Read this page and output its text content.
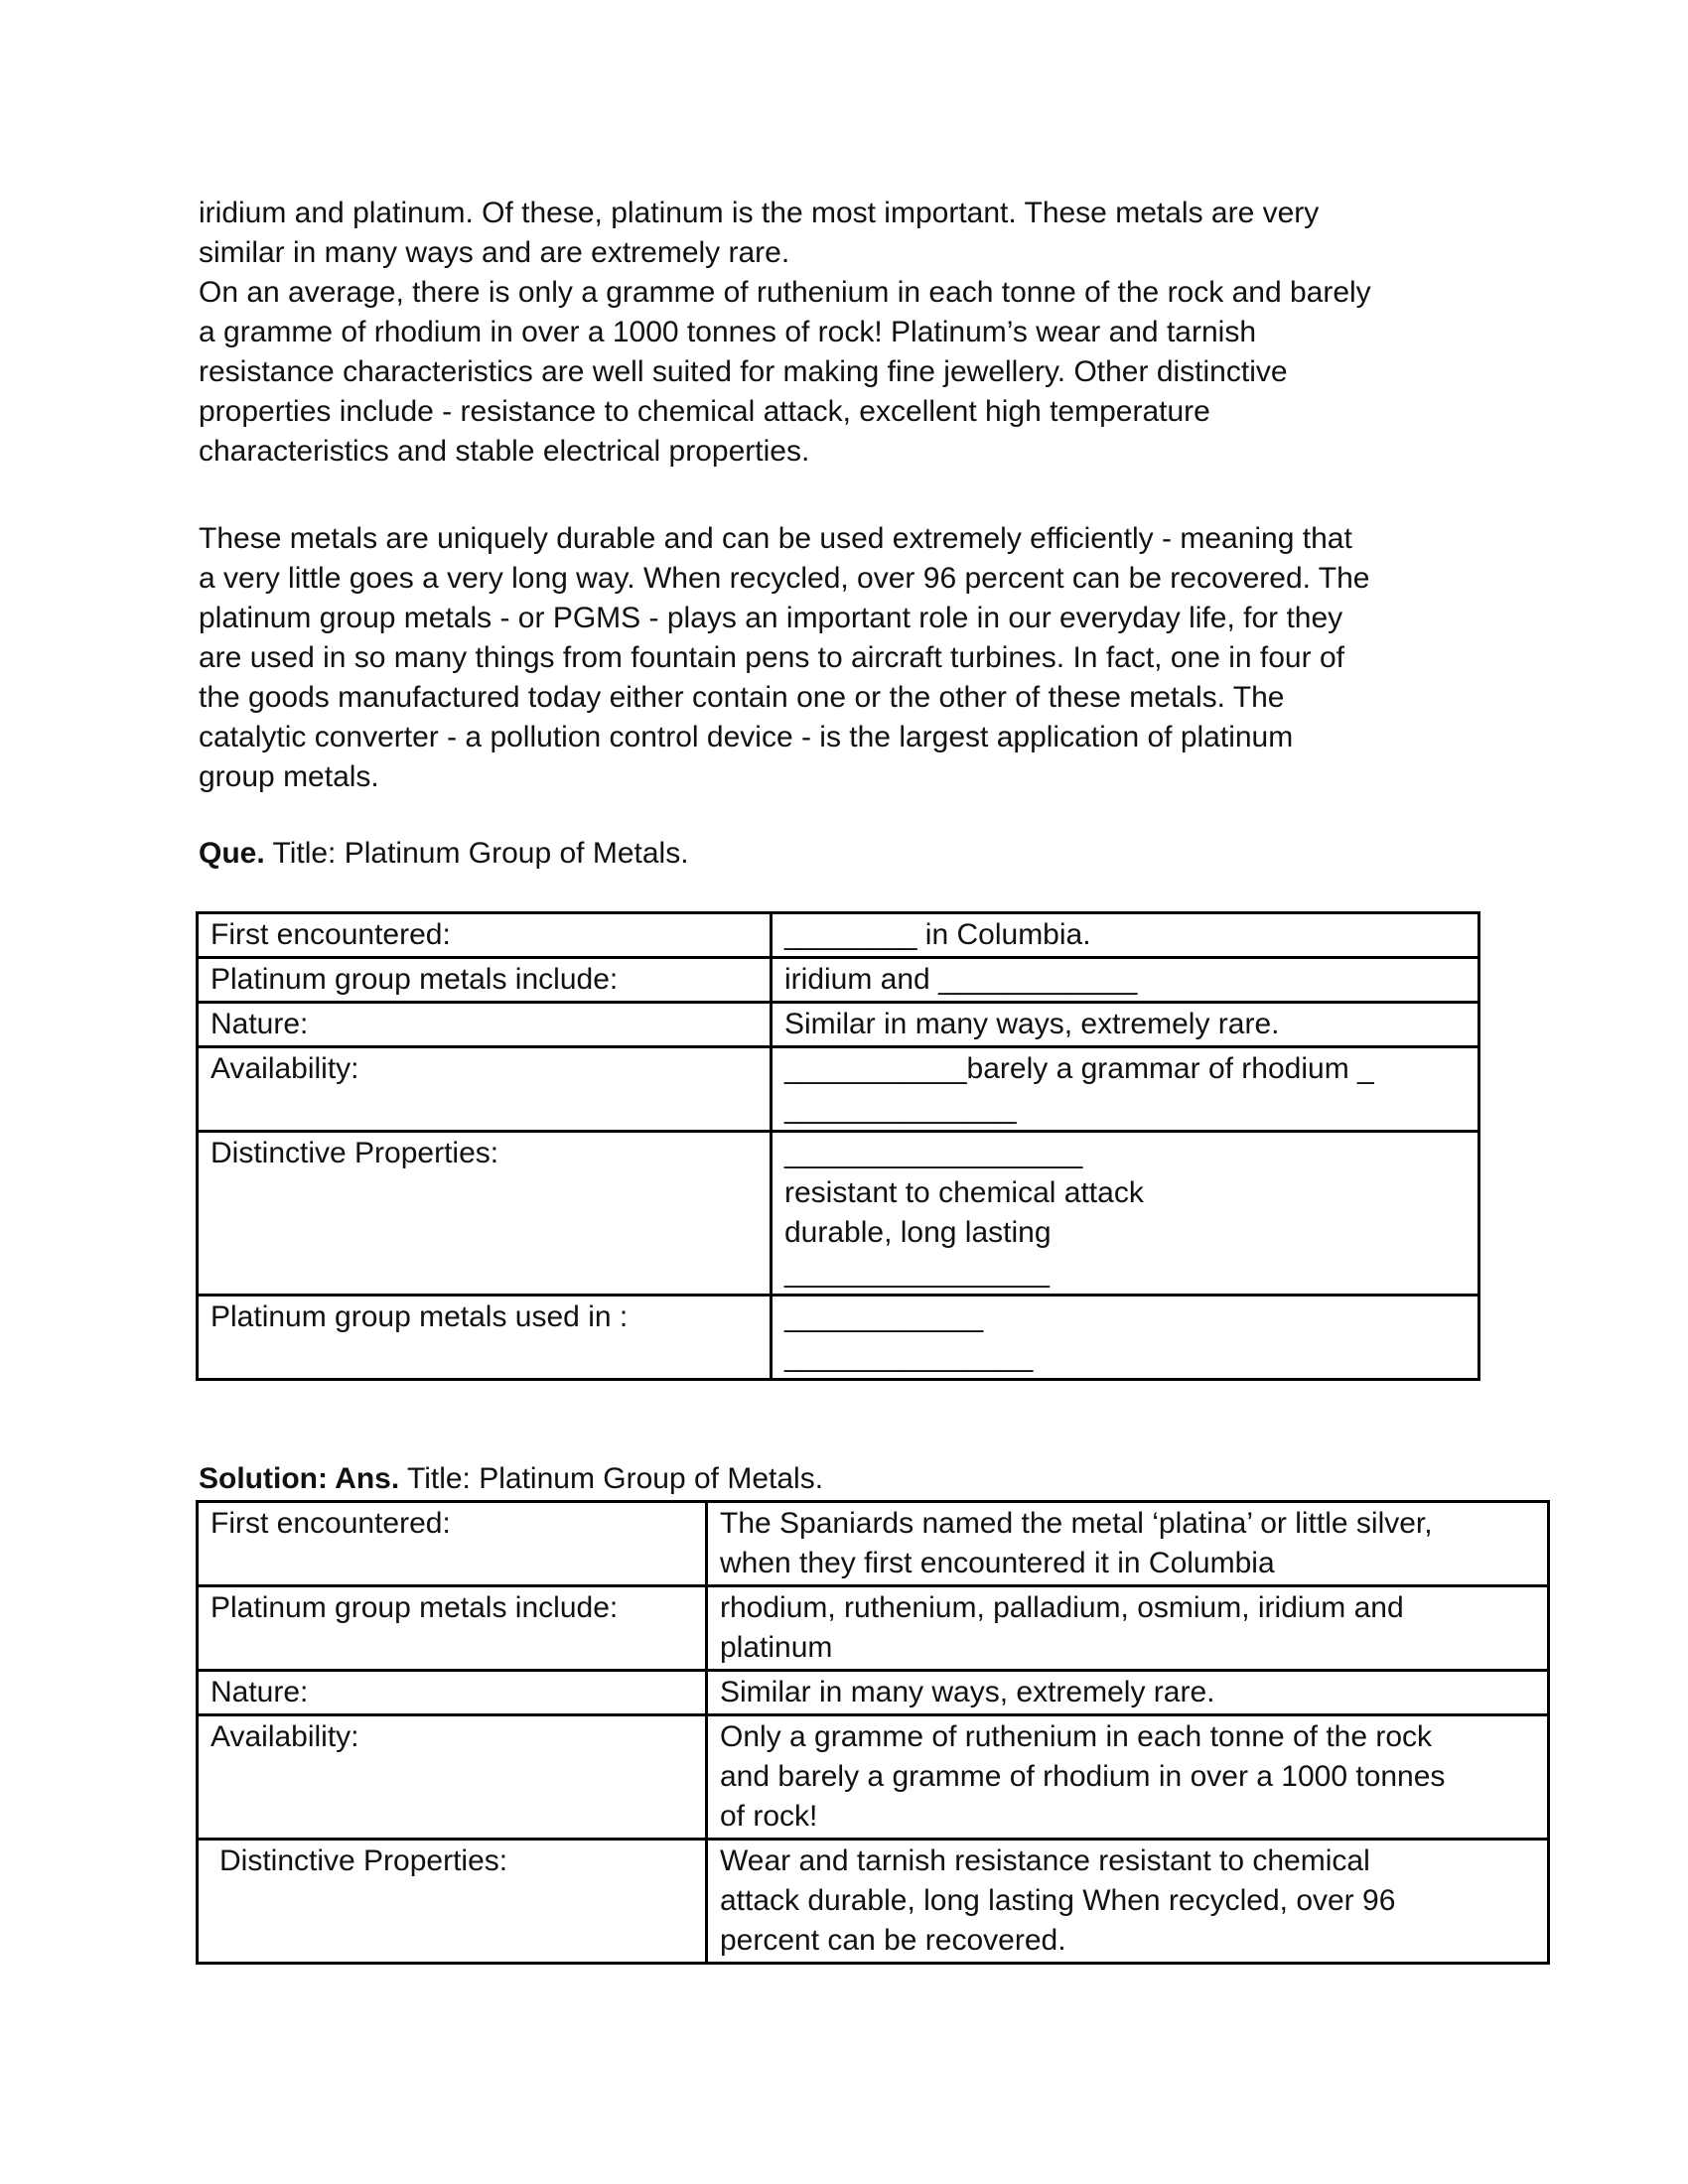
iridium and platinum. Of these, platinum is the most important. These metals are very
similar in many ways and are extremely rare.
On an average, there is only a gramme of ruthenium in each tonne of the rock and barely
a gramme of rhodium in over a 1000 tonnes of rock! Platinum’s wear and tarnish
resistance characteristics are well suited for making fine jewellery. Other distinctive
properties include - resistance to chemical attack, excellent high temperature
characteristics and stable electrical properties.
These metals are uniquely durable and can be used extremely efficiently - meaning that
a very little goes a very long way. When recycled, over 96 percent can be recovered. The
platinum group metals - or PGMS - plays an important role in our everyday life, for they
are used in so many things from fountain pens to aircraft turbines. In fact, one in four of
the goods manufactured today either contain one or the other of these metals. The
catalytic converter - a pollution control device - is the largest application of platinum
group metals.
Que. Title: Platinum Group of Metals.
First encountered:	________ in Columbia.

Platinum group metals include:	iridium and ____________

Nature:	Similar in many ways, extremely rare.

Availability:	___________barely a grammar of rhodium _
______________

Distinctive Properties:	__________________
resistant to chemical attack
durable, long lasting
________________

Platinum group metals used in :	____________
_______________
Solution: Ans. Title: Platinum Group of Metals.
First encountered:	The Spaniards named the metal ‘platina’ or little silver,
when they first encountered it in Columbia

Platinum group metals include:	rhodium, ruthenium, palladium, osmium, iridium and
platinum

Nature:	Similar in many ways, extremely rare.

Availability:	Only a gramme of ruthenium in each tonne of the rock
and barely a gramme of rhodium in over a 1000 tonnes
of rock!

Distinctive Properties:	Wear and tarnish resistance resistant to chemical
attack durable, long lasting When recycled, over 96
percent can be recovered.
